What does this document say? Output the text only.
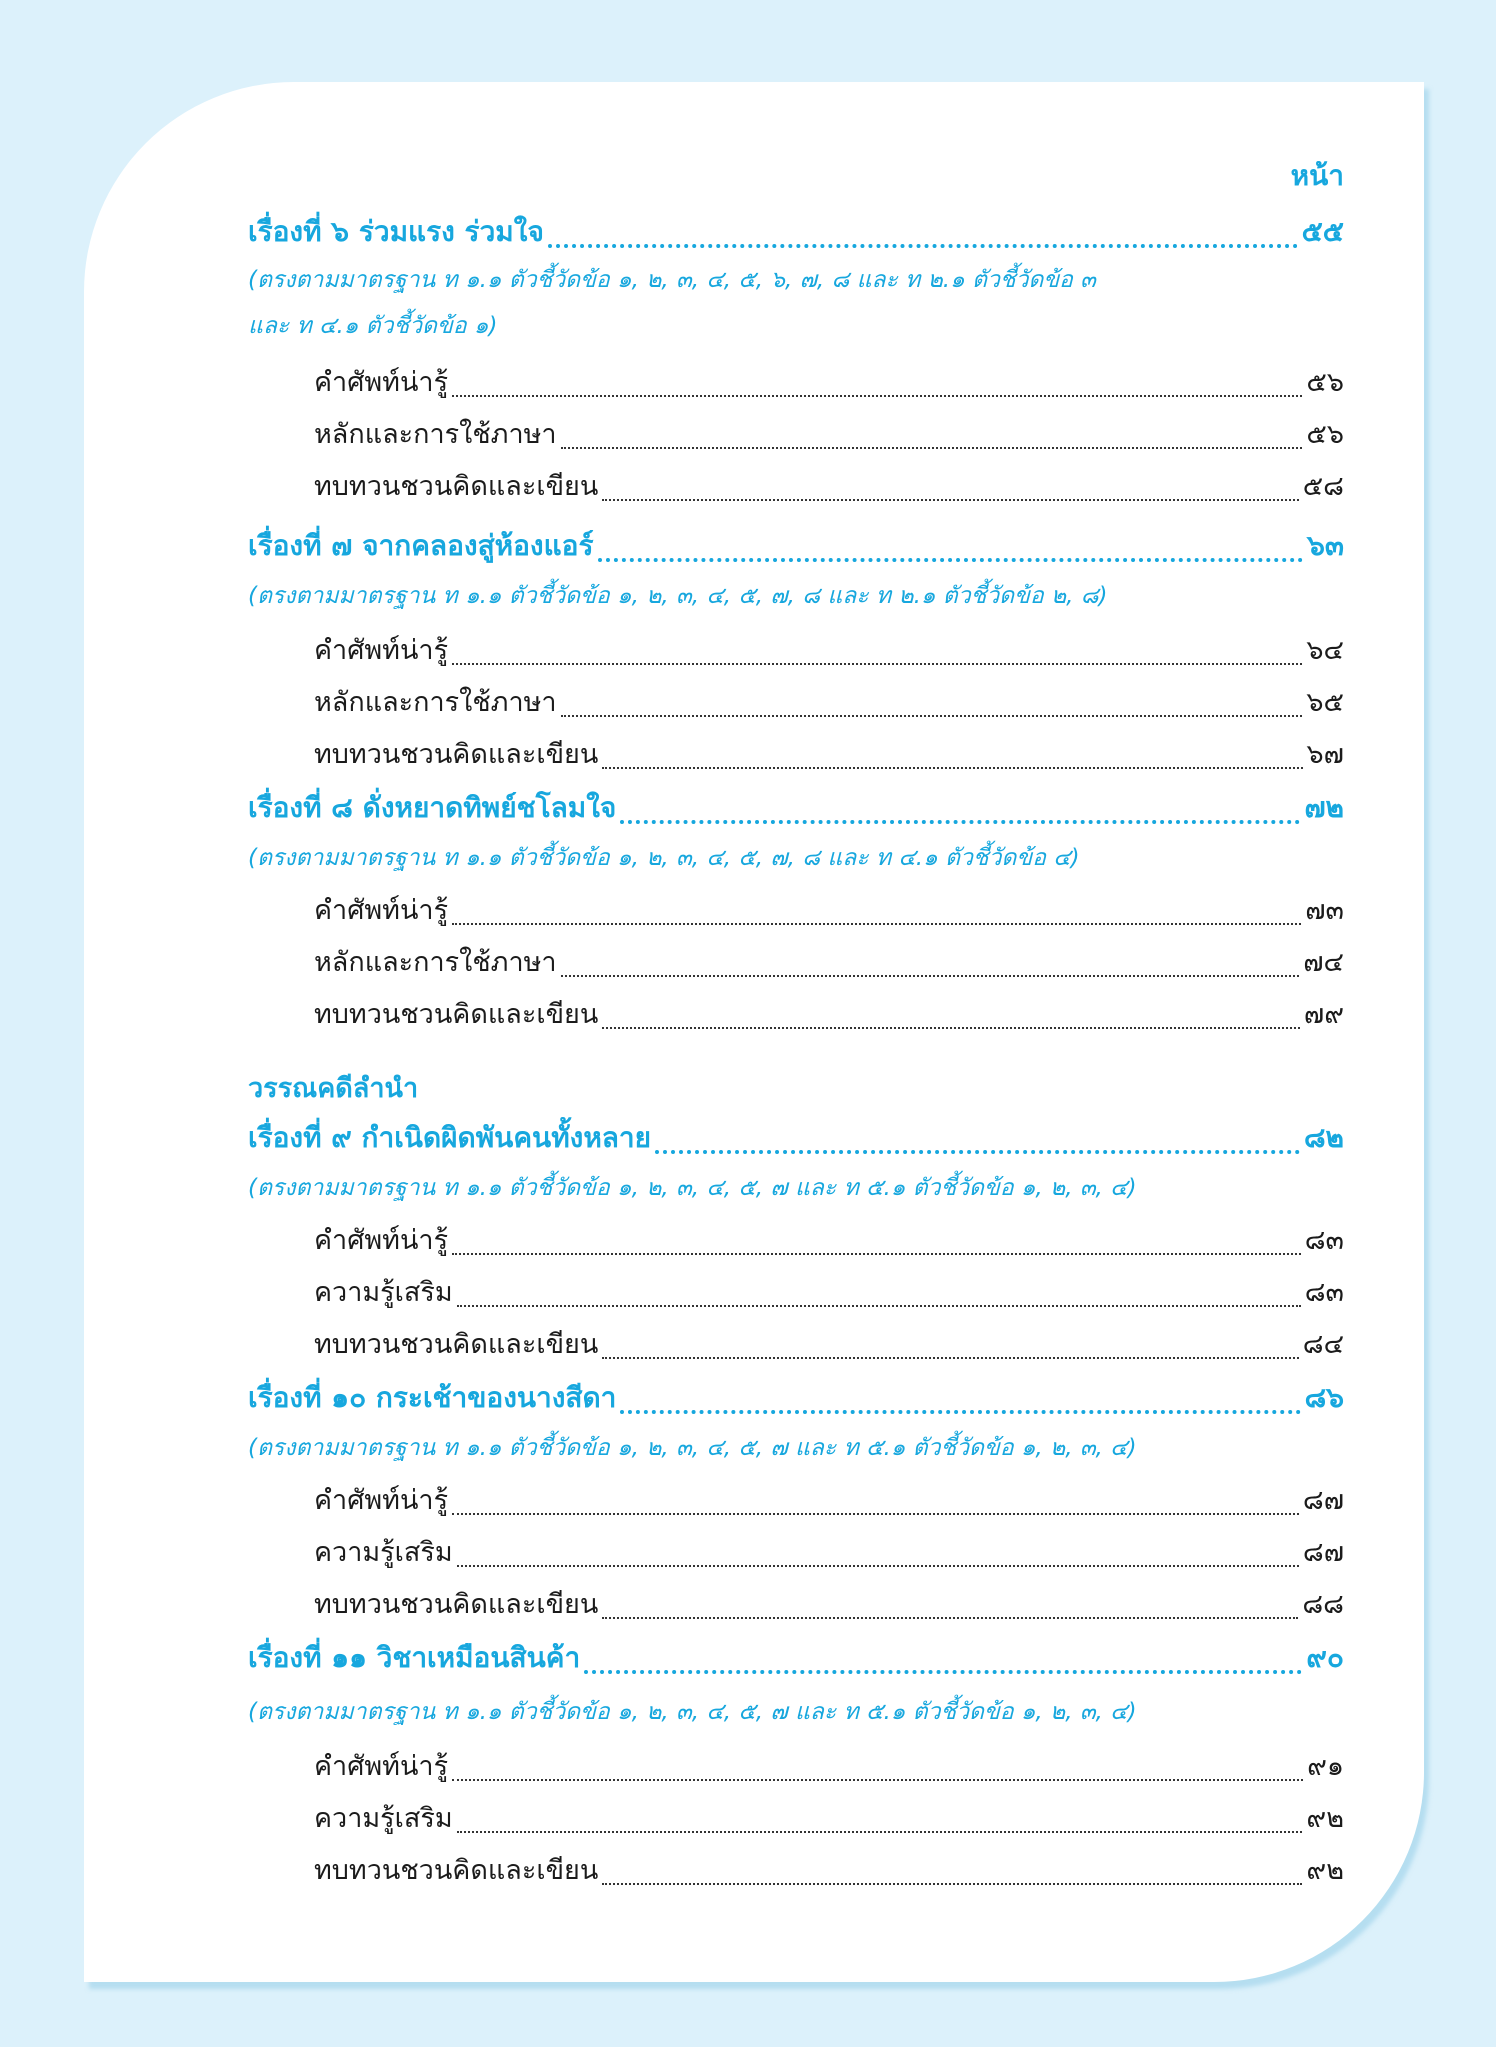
หน้า
เรื่องที่ ๖ ร่วมแรง ร่วมใจ	๕๕
(ตรงตามมาตรฐาน ท ๑.๑ ตัวชี้วัดข้อ ๑, ๒, ๓, ๔, ๕, ๖, ๗, ๘ และ ท ๒.๑ ตัวชี้วัดข้อ ๓
และ ท ๔.๑ ตัวชี้วัดข้อ ๑)
คำศัพท์น่ารู้	๕๖
หลักและการใช้ภาษา	๕๖
ทบทวนชวนคิดและเขียน	๕๘
เรื่องที่ ๗ จากคลองสู่ห้องแอร์	๖๓
(ตรงตามมาตรฐาน ท ๑.๑ ตัวชี้วัดข้อ ๑, ๒, ๓, ๔, ๕, ๗, ๘ และ ท ๒.๑ ตัวชี้วัดข้อ ๒, ๘)
คำศัพท์น่ารู้	๖๔
หลักและการใช้ภาษา	๖๕
ทบทวนชวนคิดและเขียน	๖๗
เรื่องที่ ๘ ดั่งหยาดทิพย์ชโลมใจ	๗๒
(ตรงตามมาตรฐาน ท ๑.๑ ตัวชี้วัดข้อ ๑, ๒, ๓, ๔, ๕, ๗, ๘ และ ท ๔.๑ ตัวชี้วัดข้อ ๔)
คำศัพท์น่ารู้	๗๓
หลักและการใช้ภาษา	๗๔
ทบทวนชวนคิดและเขียน	๗๙
วรรณคดีลำนำ
เรื่องที่ ๙ กำเนิดผิดพันคนทั้งหลาย	๘๒
(ตรงตามมาตรฐาน ท ๑.๑ ตัวชี้วัดข้อ ๑, ๒, ๓, ๔, ๕, ๗ และ ท ๕.๑ ตัวชี้วัดข้อ ๑, ๒, ๓, ๔)
คำศัพท์น่ารู้	๘๓
ความรู้เสริม	๘๓
ทบทวนชวนคิดและเขียน	๘๔
เรื่องที่ ๑๐ กระเช้าของนางสีดา	๘๖
(ตรงตามมาตรฐาน ท ๑.๑ ตัวชี้วัดข้อ ๑, ๒, ๓, ๔, ๕, ๗ และ ท ๕.๑ ตัวชี้วัดข้อ ๑, ๒, ๓, ๔)
คำศัพท์น่ารู้	๘๗
ความรู้เสริม	๘๗
ทบทวนชวนคิดและเขียน	๘๘
เรื่องที่ ๑๑ วิชาเหมือนสินค้า	๙๐
(ตรงตามมาตรฐาน ท ๑.๑ ตัวชี้วัดข้อ ๑, ๒, ๓, ๔, ๕, ๗ และ ท ๕.๑ ตัวชี้วัดข้อ ๑, ๒, ๓, ๔)
คำศัพท์น่ารู้	๙๑
ความรู้เสริม	๙๒
ทบทวนชวนคิดและเขียน	๙๒
